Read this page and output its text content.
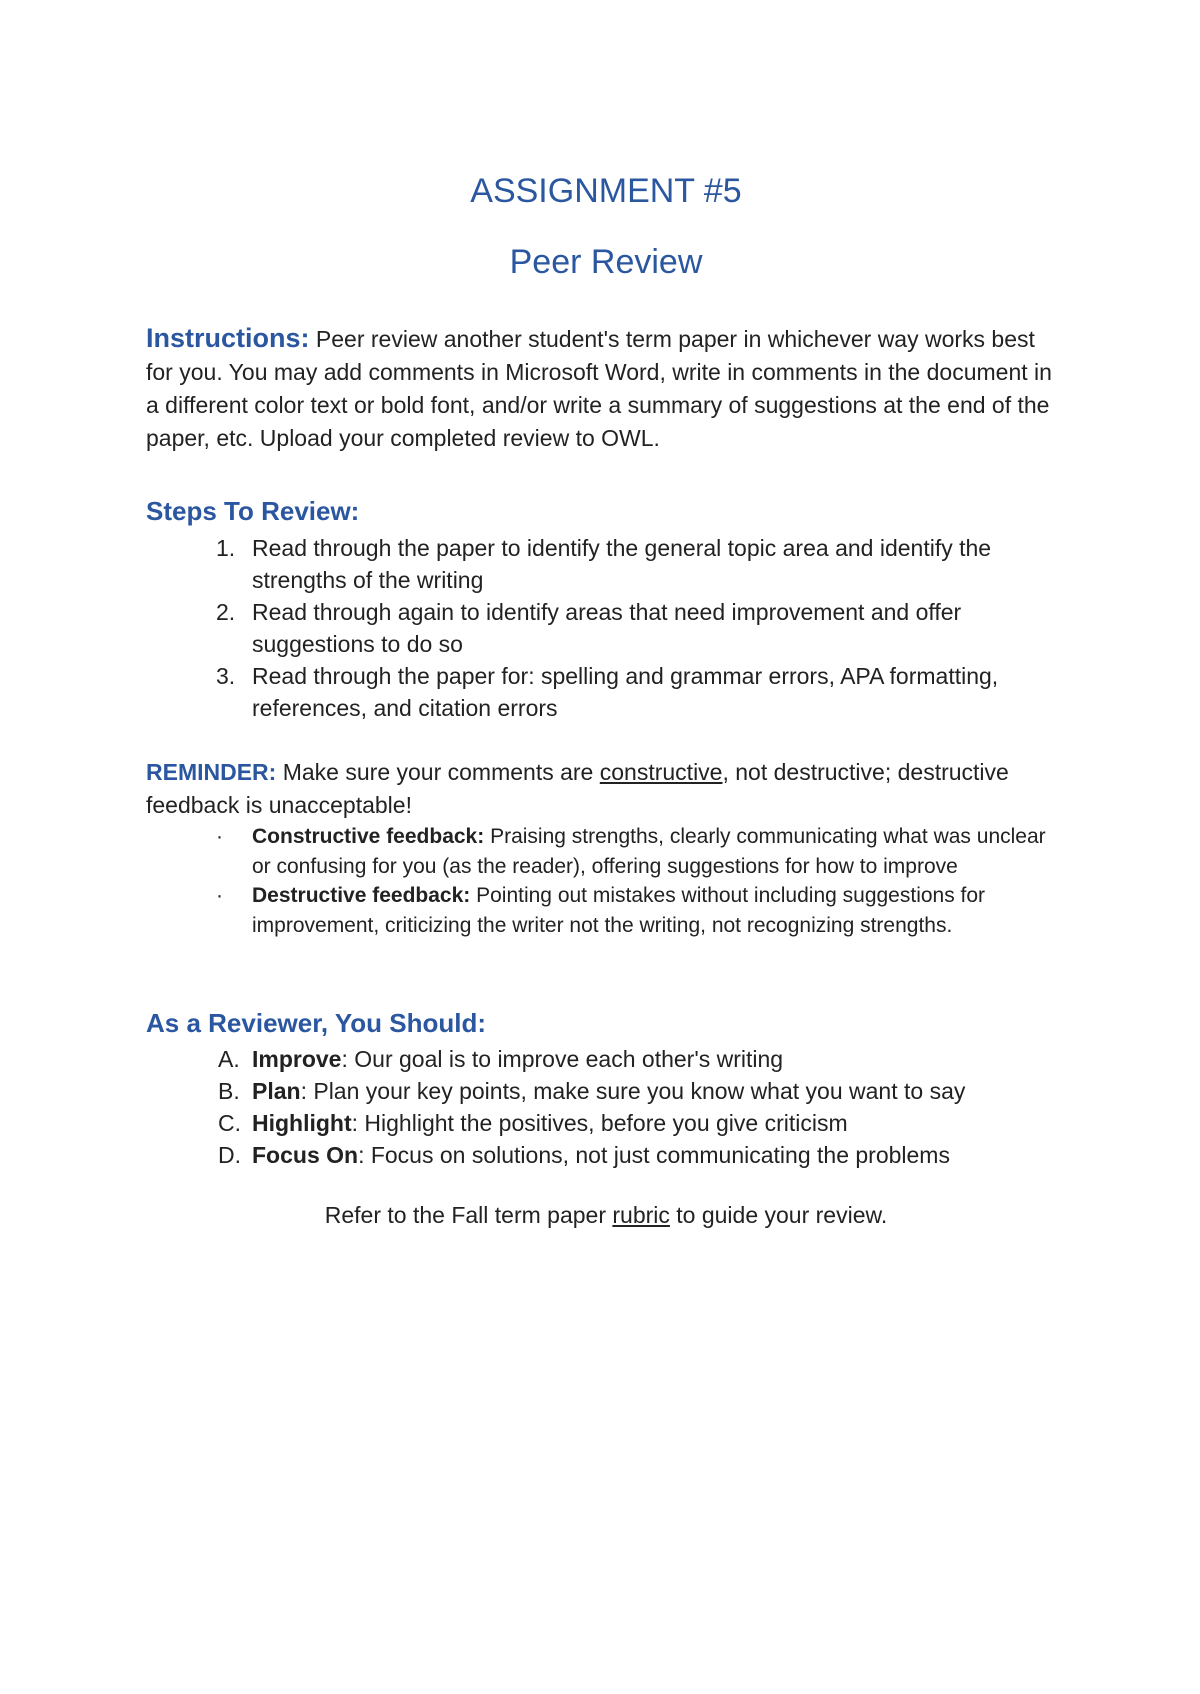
ASSIGNMENT #5
Peer Review

Instructions: Peer review another student's term paper in whichever way works best for you. You may add comments in Microsoft Word, write in comments in the document in a different color text or bold font, and/or write a summary of suggestions at the end of the paper, etc. Upload your completed review to OWL.

Steps To Review:
1. Read through the paper to identify the general topic area and identify the strengths of the writing
2. Read through again to identify areas that need improvement and offer suggestions to do so
3. Read through the paper for: spelling and grammar errors, APA formatting, references, and citation errors

REMINDER: Make sure your comments are constructive, not destructive; destructive feedback is unacceptable!

· Constructive feedback: Praising strengths, clearly communicating what was unclear or confusing for you (as the reader), offering suggestions for how to improve
· Destructive feedback: Pointing out mistakes without including suggestions for improvement, criticizing the writer not the writing, not recognizing strengths.
As a Reviewer, You Should:
A. Improve: Our goal is to improve each other's writing
B. Plan: Plan your key points, make sure you know what you want to say
C. Highlight: Highlight the positives, before you give criticism
D. Focus On: Focus on solutions, not just communicating the problems

Refer to the Fall term paper rubric to guide your review.
